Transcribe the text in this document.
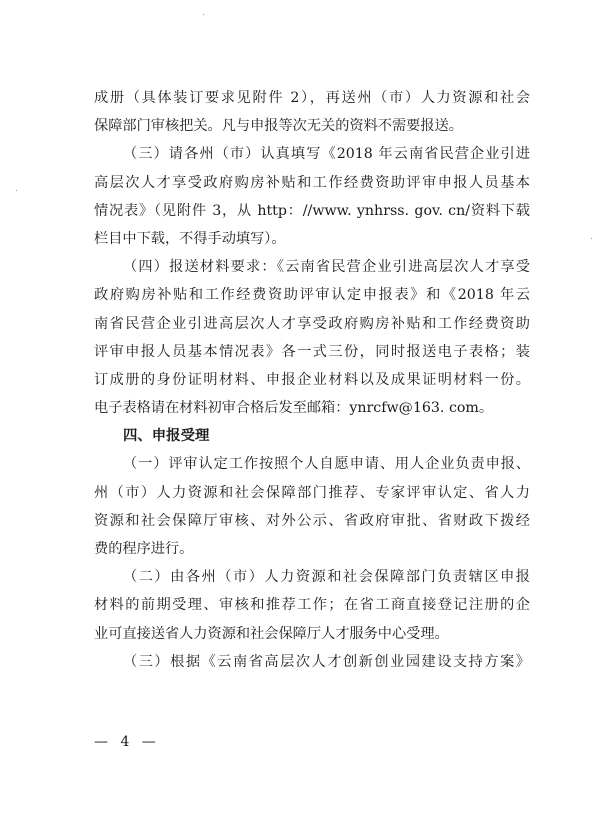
成册（具体装订要求见附件 2），再送州（市）人力资源和社会
保障部门审核把关。凡与申报等次无关的资料不需要报送。
（三）请各州（市）认真填写《2018 年云南省民营企业引进
高层次人才享受政府购房补贴和工作经费资助评审申报人员基本
情况表》（见附件 3，从 http：//www. ynhrss. gov. cn/资料下载
栏目中下载，不得手动填写）。
（四）报送材料要求：《云南省民营企业引进高层次人才享受
政府购房补贴和工作经费资助评审认定申报表》和《2018 年云
南省民营企业引进高层次人才享受政府购房补贴和工作经费资助
评审申报人员基本情况表》各一式三份，同时报送电子表格；装
订成册的身份证明材料、申报企业材料以及成果证明材料一份。
电子表格请在材料初审合格后发至邮箱：ynrcfw@163. com。
四、申报受理
（一）评审认定工作按照个人自愿申请、用人企业负责申报、
州（市）人力资源和社会保障部门推荐、专家评审认定、省人力
资源和社会保障厅审核、对外公示、省政府审批、省财政下拨经
费的程序进行。
（二）由各州（市）人力资源和社会保障部门负责辖区申报
材料的前期受理、审核和推荐工作；在省工商直接登记注册的企
业可直接送省人力资源和社会保障厅人才服务中心受理。
（三）根据《云南省高层次人才创新创业园建设支持方案》
— 4 —
